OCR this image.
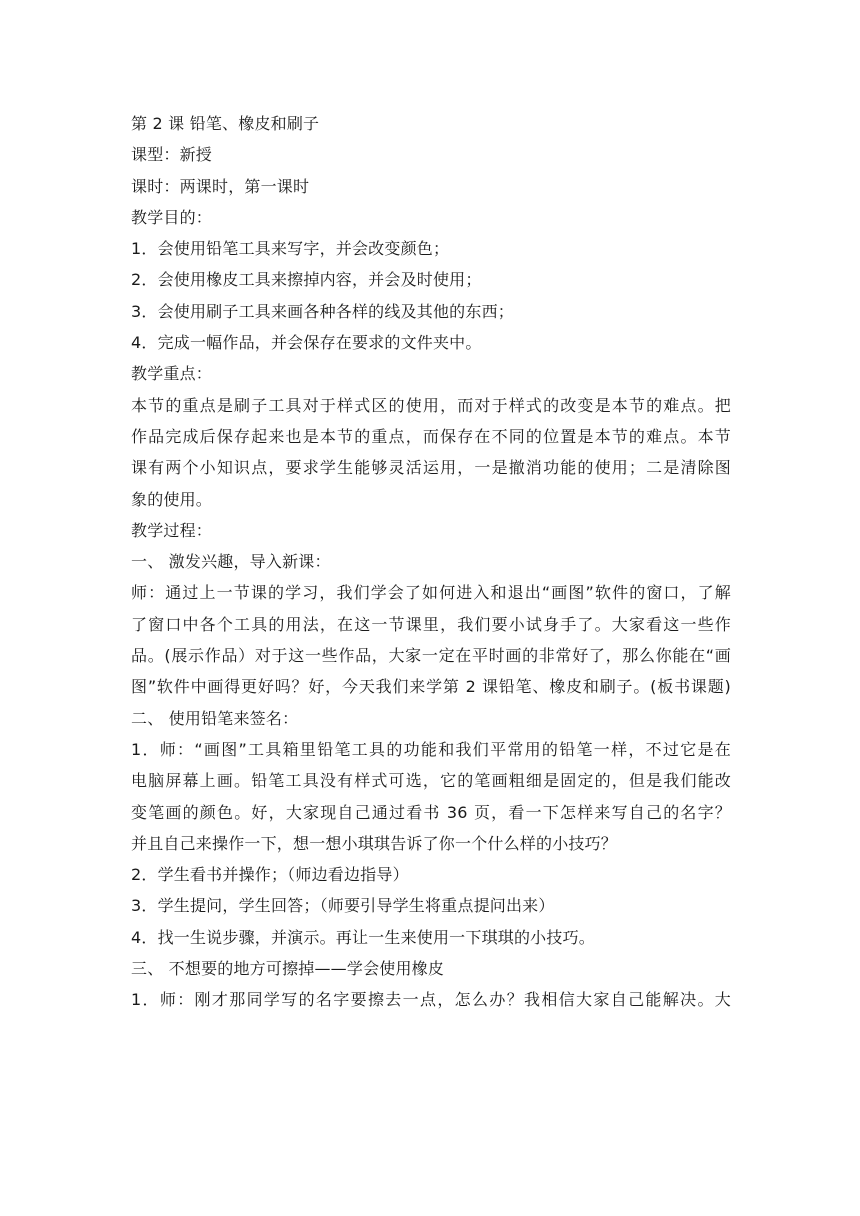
第 2 课 铅笔、橡皮和刷子
课型：新授
课时：两课时，第一课时
教学目的：
1．会使用铅笔工具来写字，并会改变颜色；
2．会使用橡皮工具来擦掉内容，并会及时使用；
3．会使用刷子工具来画各种各样的线及其他的东西；
4．完成一幅作品，并会保存在要求的文件夹中。
教学重点：
本节的重点是刷子工具对于样式区的使用，而对于样式的改变是本节的难点。把
作品完成后保存起来也是本节的重点，而保存在不同的位置是本节的难点。本节
课有两个小知识点，要求学生能够灵活运用，一是撤消功能的使用；二是清除图
象的使用。
教学过程：
一、 激发兴趣，导入新课：
师：通过上一节课的学习，我们学会了如何进入和退出“画图”软件的窗口，了解
了窗口中各个工具的用法，在这一节课里，我们要小试身手了。大家看这一些作
品。(展示作品）对于这一些作品，大家一定在平时画的非常好了，那么你能在“画
图”软件中画得更好吗？好，今天我们来学第 2 课铅笔、橡皮和刷子。(板书课题)
二、 使用铅笔来签名：
1．师：“画图”工具箱里铅笔工具的功能和我们平常用的铅笔一样，不过它是在
电脑屏幕上画。铅笔工具没有样式可选，它的笔画粗细是固定的，但是我们能改
变笔画的颜色。好，大家现自己通过看书 36 页，看一下怎样来写自己的名字？
并且自己来操作一下，想一想小琪琪告诉了你一个什么样的小技巧？
2．学生看书并操作；（师边看边指导）
3．学生提问，学生回答；（师要引导学生将重点提问出来）
4．找一生说步骤，并演示。再让一生来使用一下琪琪的小技巧。
三、 不想要的地方可擦掉——学会使用橡皮
1．师：刚才那同学写的名字要擦去一点，怎么办？我相信大家自己能解决。大
